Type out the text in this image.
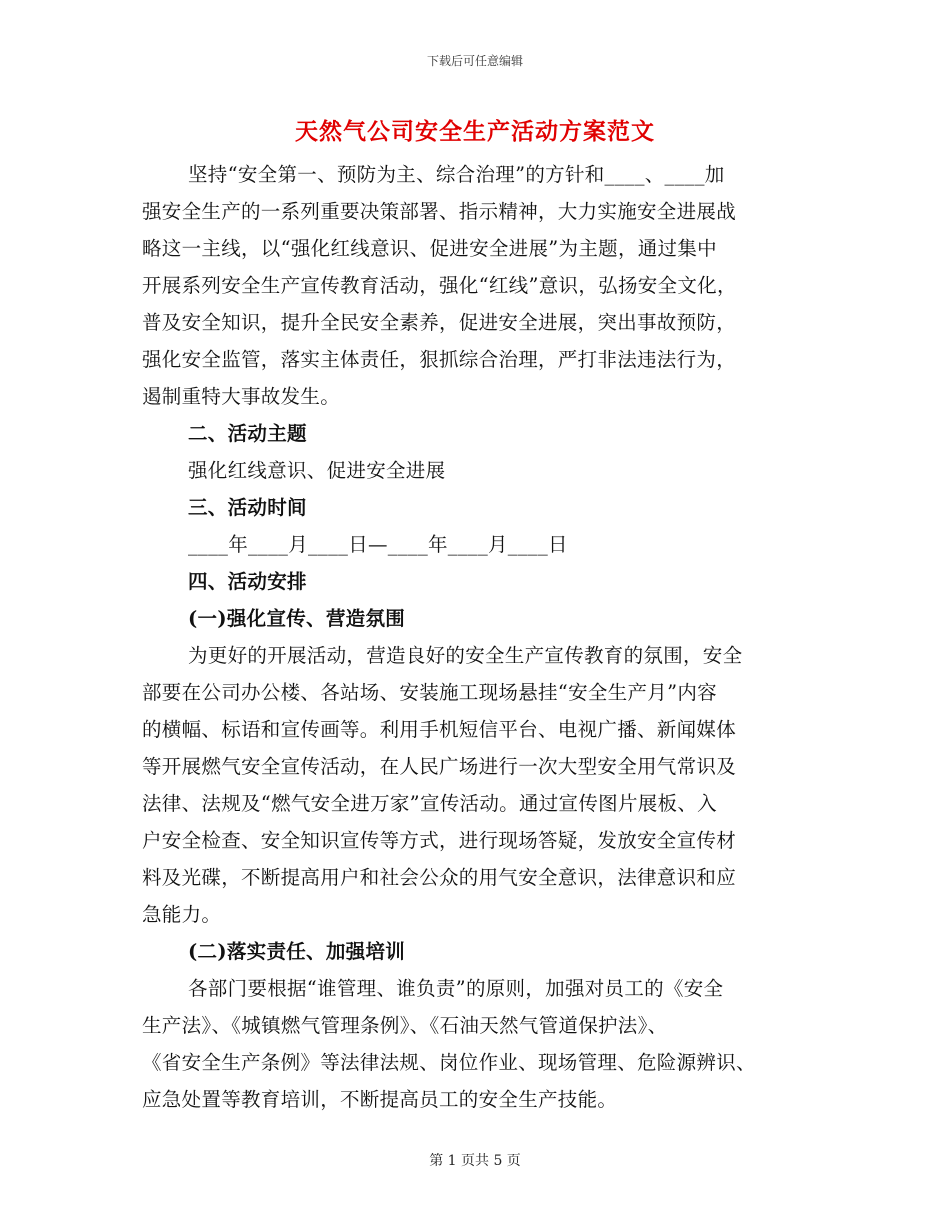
下载后可任意编辑
天然气公司安全生产活动方案范文
坚持“安全第一、预防为主、综合治理”的方针和____、____加
强安全生产的一系列重要决策部署、指示精神，大力实施安全进展战
略这一主线，以“强化红线意识、促进安全进展”为主题，通过集中
开展系列安全生产宣传教育活动，强化“红线”意识，弘扬安全文化，
普及安全知识，提升全民安全素养，促进安全进展，突出事故预防，
强化安全监管，落实主体责任，狠抓综合治理，严打非法违法行为，
遏制重特大事故发生。
二、活动主题
强化红线意识、促进安全进展
三、活动时间
____年____月____日—____年____月____日
四、活动安排
(一)强化宣传、营造氛围
为更好的开展活动，营造良好的安全生产宣传教育的氛围，安全
部要在公司办公楼、各站场、安装施工现场悬挂“安全生产月”内容
的横幅、标语和宣传画等。利用手机短信平台、电视广播、新闻媒体
等开展燃气安全宣传活动，在人民广场进行一次大型安全用气常识及
法律、法规及“燃气安全进万家”宣传活动。通过宣传图片展板、入
户安全检查、安全知识宣传等方式，进行现场答疑，发放安全宣传材
料及光碟，不断提高用户和社会公众的用气安全意识，法律意识和应
急能力。
(二)落实责任、加强培训
各部门要根据“谁管理、谁负责”的原则，加强对员工的《安全
生产法》、《城镇燃气管理条例》、《石油天然气管道保护法》、
《省安全生产条例》等法律法规、岗位作业、现场管理、危险源辨识、
应急处置等教育培训，不断提高员工的安全生产技能。
第 1 页共 5 页
